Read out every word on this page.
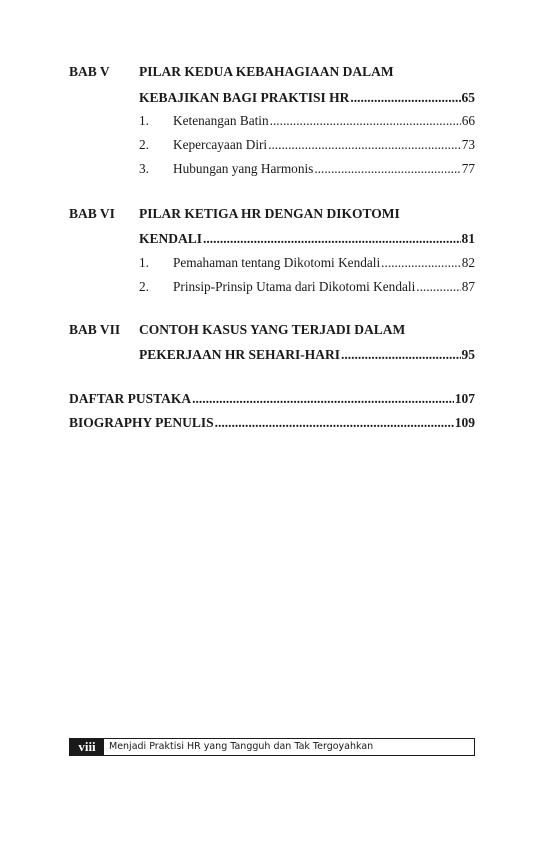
BAB V PILAR KEDUA KEBAHAGIAAN DALAM
KEBAJIKAN BAGI PRAKTISI HR .....	65
1. Ketenangan Batin .....	66
2. Kepercayaan Diri .....	73
3. Hubungan yang Harmonis .....	77
BAB VI PILAR KETIGA HR DENGAN DIKOTOMI
KENDALI .....	81
1. Pemahaman tentang Dikotomi Kendali .....	82
2. Prinsip-Prinsip Utama dari Dikotomi Kendali .....	87
BAB VII CONTOH KASUS YANG TERJADI DALAM
PEKERJAAN HR SEHARI-HARI .....	95
DAFTAR PUSTAKA .....	107
BIOGRAPHY PENULIS .....	109
viii	Menjadi Praktisi HR yang Tangguh dan Tak Tergoyahkan
